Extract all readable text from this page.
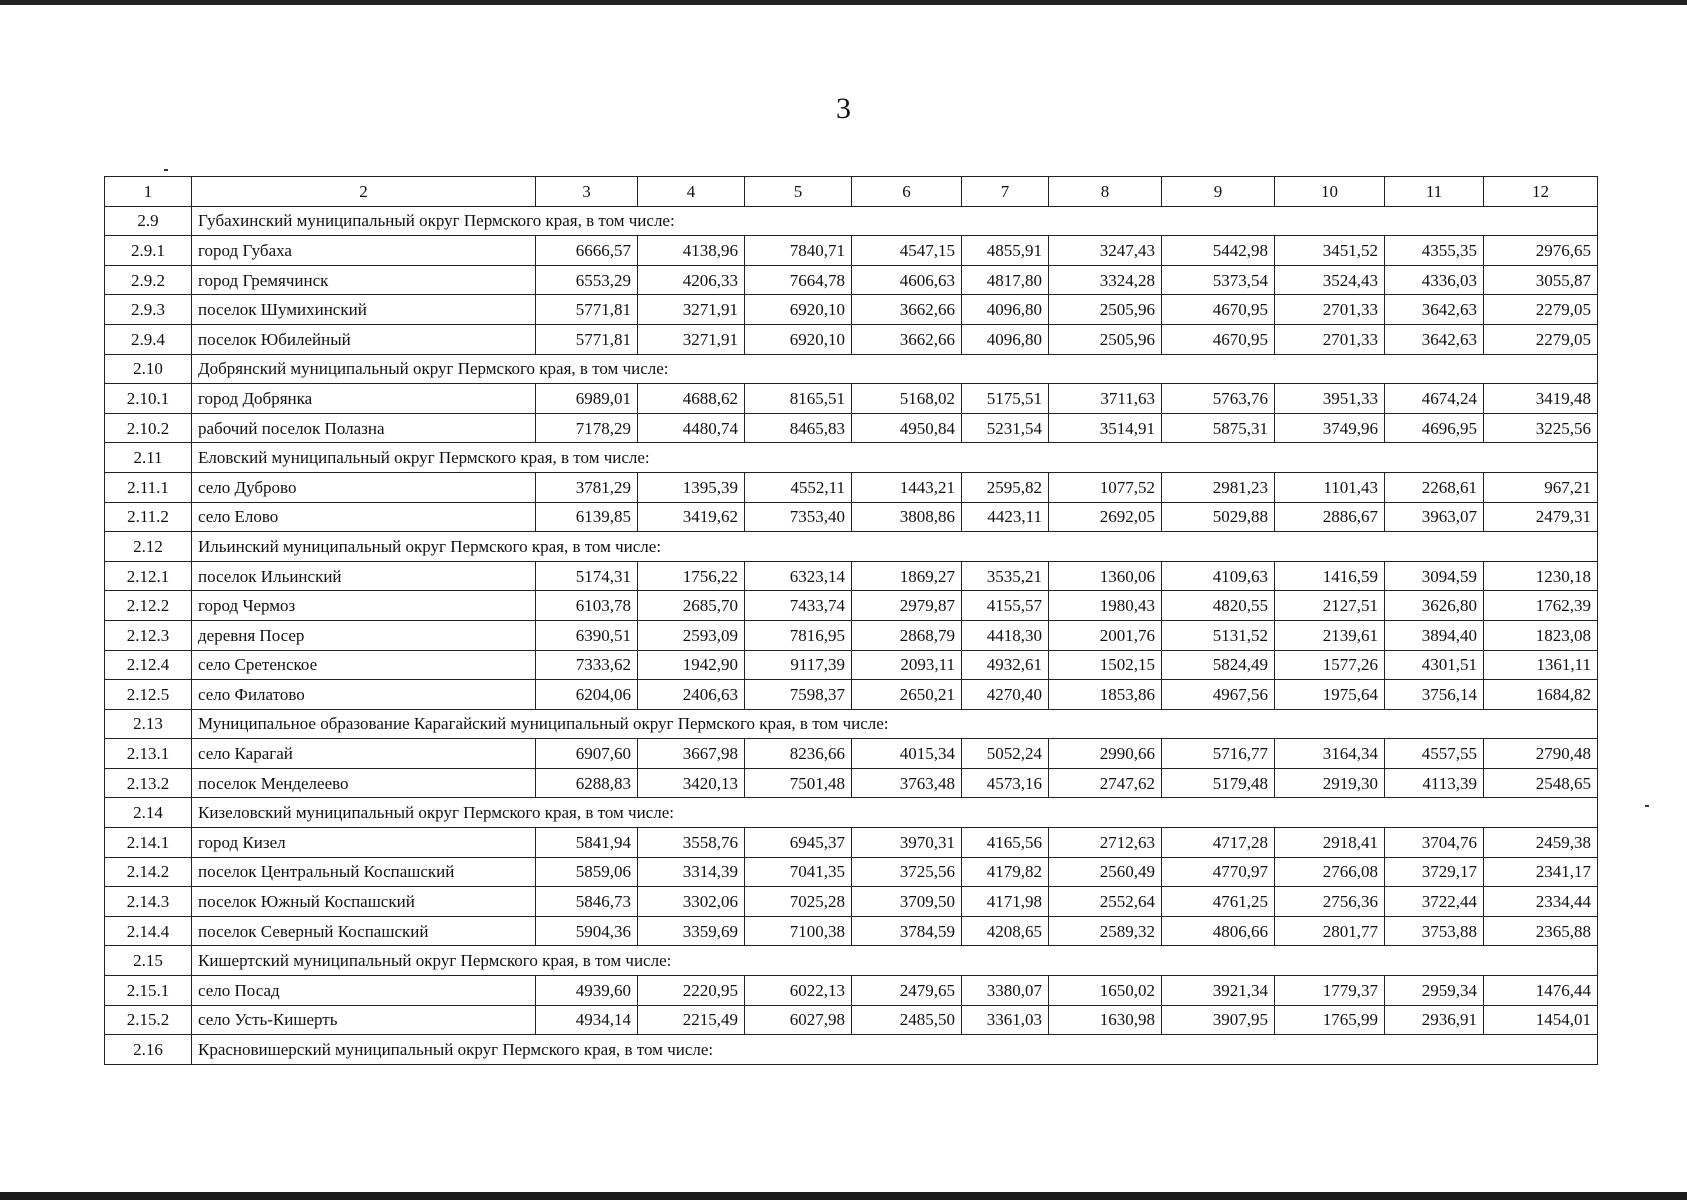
3
1	2	3	4	5	6	7	8	9	10	11	12
2.9	Губахинский муниципальный округ Пермского края, в том числе:										
2.9.1	город Губаха	6666,57	4138,96	7840,71	4547,15	4855,91	3247,43	5442,98	3451,52	4355,35	2976,65
2.9.2	город Гремячинск	6553,29	4206,33	7664,78	4606,63	4817,80	3324,28	5373,54	3524,43	4336,03	3055,87
2.9.3	поселок Шумихинский	5771,81	3271,91	6920,10	3662,66	4096,80	2505,96	4670,95	2701,33	3642,63	2279,05
2.9.4	поселок Юбилейный	5771,81	3271,91	6920,10	3662,66	4096,80	2505,96	4670,95	2701,33	3642,63	2279,05
2.10	Добрянский муниципальный округ Пермского края, в том числе:										
2.10.1	город Добрянка	6989,01	4688,62	8165,51	5168,02	5175,51	3711,63	5763,76	3951,33	4674,24	3419,48
2.10.2	рабочий поселок Полазна	7178,29	4480,74	8465,83	4950,84	5231,54	3514,91	5875,31	3749,96	4696,95	3225,56
2.11	Еловский муниципальный округ Пермского края, в том числе:										
2.11.1	село Дуброво	3781,29	1395,39	4552,11	1443,21	2595,82	1077,52	2981,23	1101,43	2268,61	967,21
2.11.2	село Елово	6139,85	3419,62	7353,40	3808,86	4423,11	2692,05	5029,88	2886,67	3963,07	2479,31
2.12	Ильинский муниципальный округ Пермского края, в том числе:										
2.12.1	поселок Ильинский	5174,31	1756,22	6323,14	1869,27	3535,21	1360,06	4109,63	1416,59	3094,59	1230,18
2.12.2	город Чермоз	6103,78	2685,70	7433,74	2979,87	4155,57	1980,43	4820,55	2127,51	3626,80	1762,39
2.12.3	деревня Посер	6390,51	2593,09	7816,95	2868,79	4418,30	2001,76	5131,52	2139,61	3894,40	1823,08
2.12.4	село Сретенское	7333,62	1942,90	9117,39	2093,11	4932,61	1502,15	5824,49	1577,26	4301,51	1361,11
2.12.5	село Филатово	6204,06	2406,63	7598,37	2650,21	4270,40	1853,86	4967,56	1975,64	3756,14	1684,82
2.13	Муниципальное образование Карагайский муниципальный округ Пермского края, в том числе:										
2.13.1	село Карагай	6907,60	3667,98	8236,66	4015,34	5052,24	2990,66	5716,77	3164,34	4557,55	2790,48
2.13.2	поселок Менделеево	6288,83	3420,13	7501,48	3763,48	4573,16	2747,62	5179,48	2919,30	4113,39	2548,65
2.14	Кизеловский муниципальный округ Пермского края, в том числе:										
2.14.1	город Кизел	5841,94	3558,76	6945,37	3970,31	4165,56	2712,63	4717,28	2918,41	3704,76	2459,38
2.14.2	поселок Центральный Коспашский	5859,06	3314,39	7041,35	3725,56	4179,82	2560,49	4770,97	2766,08	3729,17	2341,17
2.14.3	поселок Южный Коспашский	5846,73	3302,06	7025,28	3709,50	4171,98	2552,64	4761,25	2756,36	3722,44	2334,44
2.14.4	поселок Северный Коспашский	5904,36	3359,69	7100,38	3784,59	4208,65	2589,32	4806,66	2801,77	3753,88	2365,88
2.15	Кишертский муниципальный округ Пермского края, в том числе:										
2.15.1	село Посад	4939,60	2220,95	6022,13	2479,65	3380,07	1650,02	3921,34	1779,37	2959,34	1476,44
2.15.2	село Усть-Кишерть	4934,14	2215,49	6027,98	2485,50	3361,03	1630,98	3907,95	1765,99	2936,91	1454,01
2.16	Красновишерский муниципальный округ Пермского края, в том числе:										
